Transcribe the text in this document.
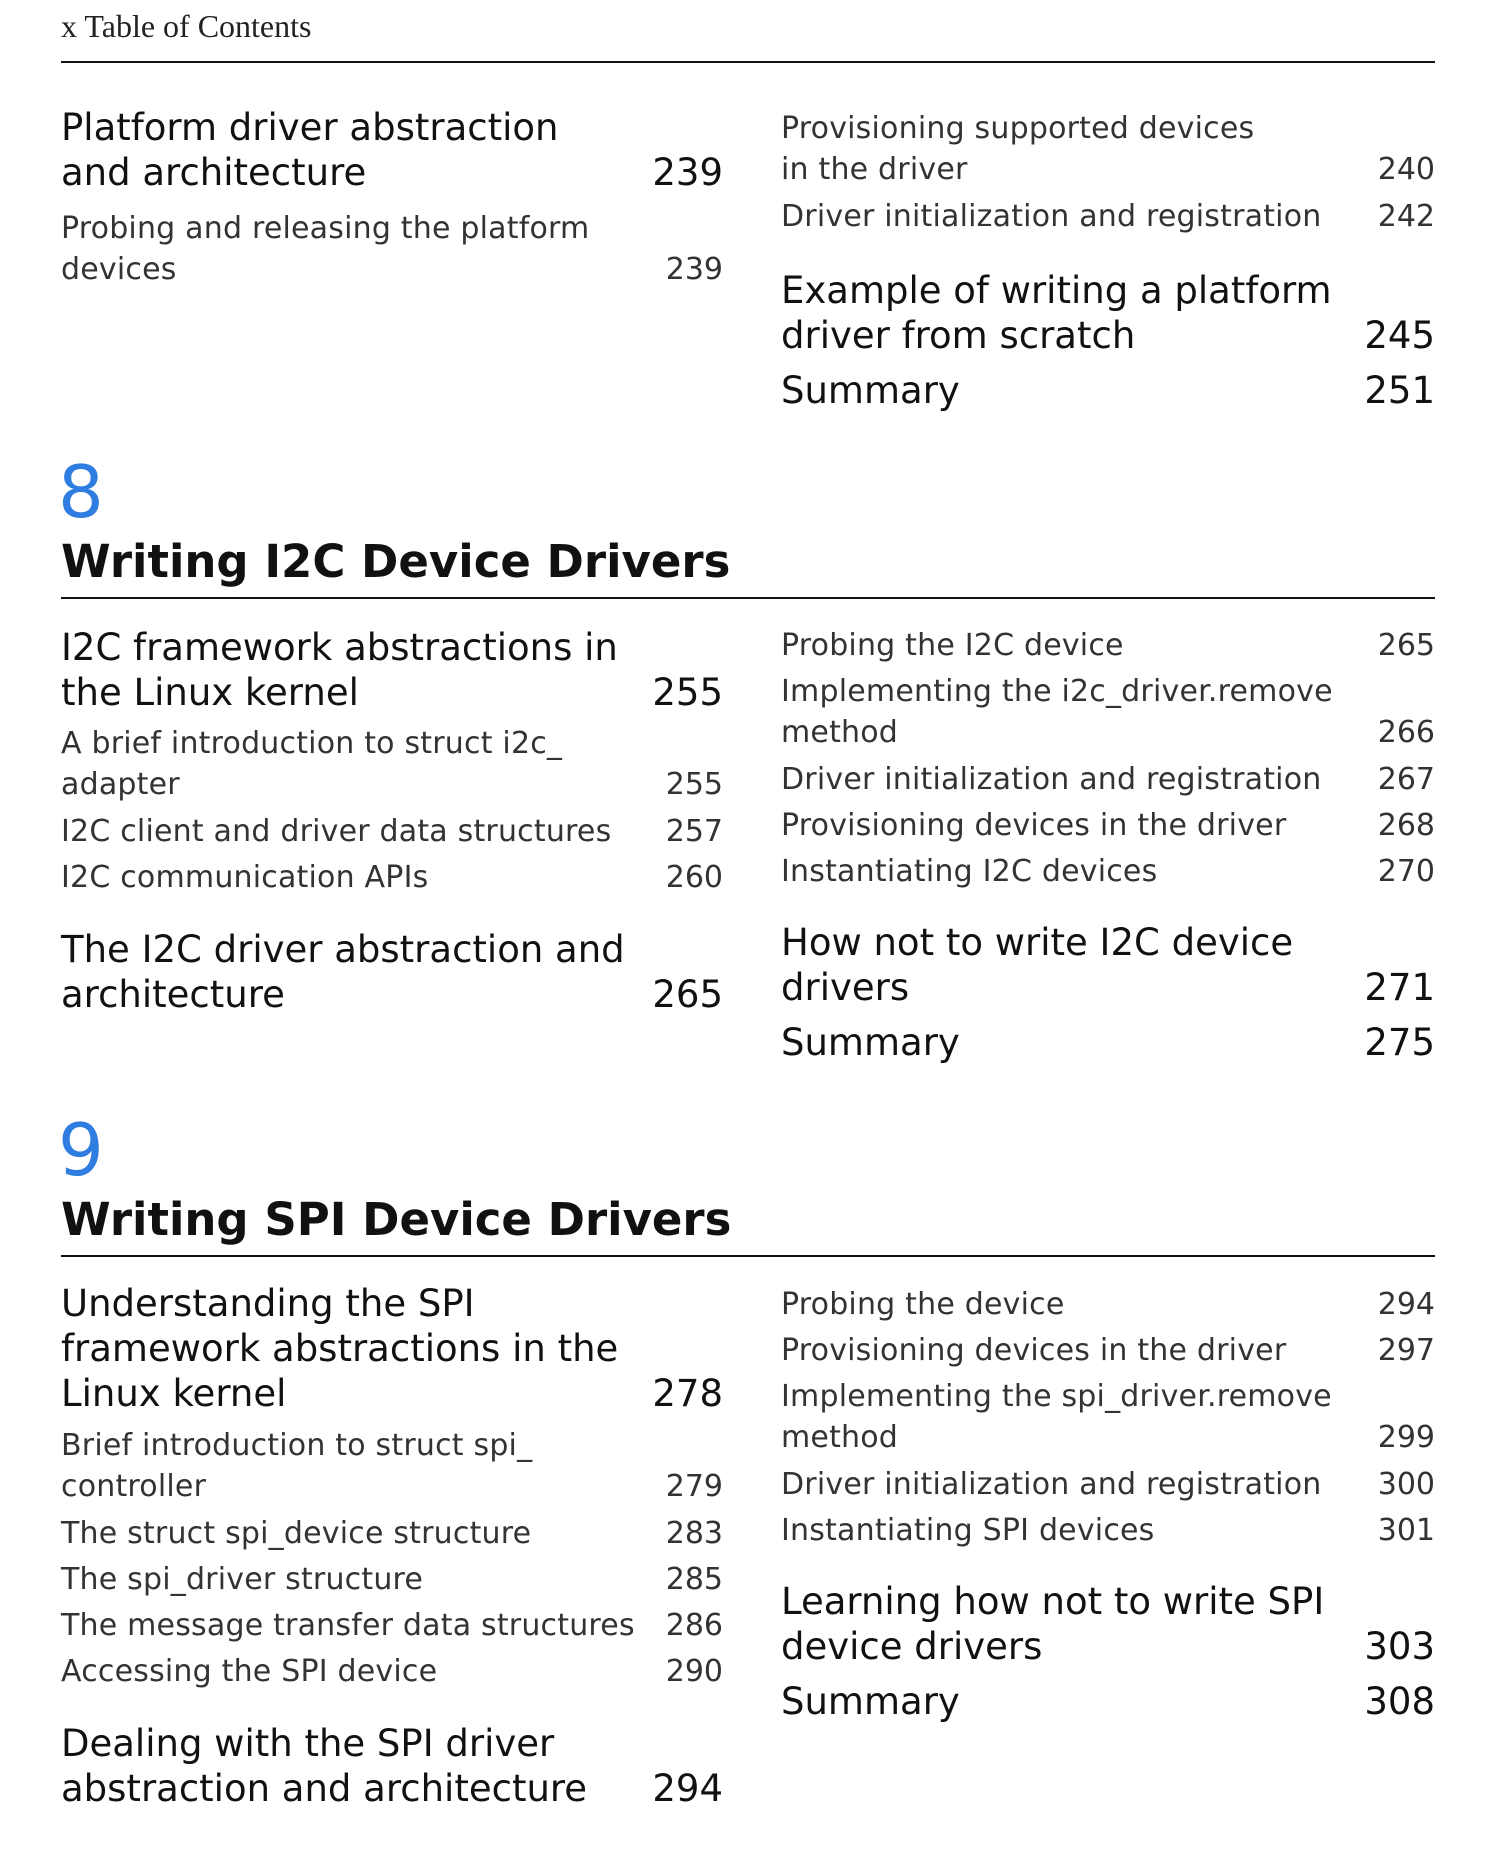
x Table of Contents
Platform driver abstraction
and architecture	239
Probing and releasing the platform
devices	239
Provisioning supported devices
in the driver	240
Driver initialization and registration	242
Example of writing a platform
driver from scratch	245
Summary	251
8
Writing I2C Device Drivers
I2C framework abstractions in
the Linux kernel	255
A brief introduction to struct i2c_
adapter	255
I2C client and driver data structures	257
I2C communication APIs	260
The I2C driver abstraction and
architecture	265
Probing the I2C device	265
Implementing the i2c_driver.remove
method	266
Driver initialization and registration	267
Provisioning devices in the driver	268
Instantiating I2C devices	270
How not to write I2C device
drivers	271
Summary	275
9
Writing SPI Device Drivers
Understanding the SPI
framework abstractions in the
Linux kernel	278
Brief introduction to struct spi_
controller	279
The struct spi_device structure	283
The spi_driver structure	285
The message transfer data structures	286
Accessing the SPI device	290
Dealing with the SPI driver
abstraction and architecture	294
Probing the device	294
Provisioning devices in the driver	297
Implementing the spi_driver.remove
method	299
Driver initialization and registration	300
Instantiating SPI devices	301
Learning how not to write SPI
device drivers	303
Summary	308
